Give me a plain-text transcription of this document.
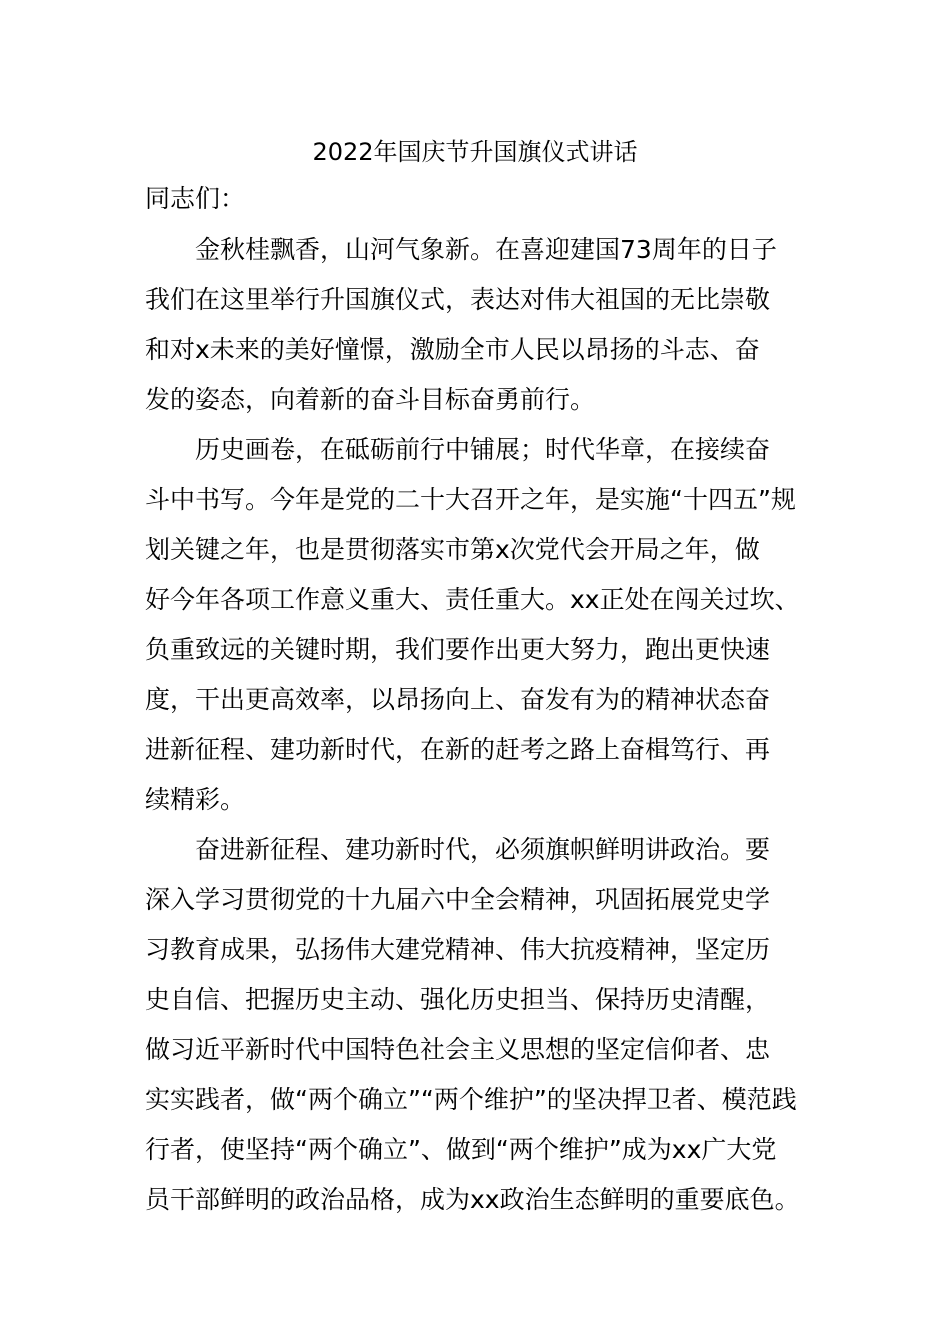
2022年国庆节升国旗仪式讲话
同志们：
金秋桂飘香，山河气象新。在喜迎建国73周年的日子
我们在这里举行升国旗仪式，表达对伟大祖国的无比崇敬
和对x未来的美好憧憬，激励全市人民以昂扬的斗志、奋
发的姿态，向着新的奋斗目标奋勇前行。
历史画卷，在砥砺前行中铺展；时代华章，在接续奋
斗中书写。今年是党的二十大召开之年，是实施“十四五”规
划关键之年，也是贯彻落实市第x次党代会开局之年，做
好今年各项工作意义重大、责任重大。xx正处在闯关过坎、
负重致远的关键时期，我们要作出更大努力，跑出更快速
度，干出更高效率，以昂扬向上、奋发有为的精神状态奋
进新征程、建功新时代，在新的赶考之路上奋楫笃行、再
续精彩。
奋进新征程、建功新时代，必须旗帜鲜明讲政治。要
深入学习贯彻党的十九届六中全会精神，巩固拓展党史学
习教育成果，弘扬伟大建党精神、伟大抗疫精神，坚定历
史自信、把握历史主动、强化历史担当、保持历史清醒，
做习近平新时代中国特色社会主义思想的坚定信仰者、忠
实实践者，做“两个确立”“两个维护”的坚决捍卫者、模范践
行者，使坚持“两个确立”、做到“两个维护”成为xx广大党
员干部鲜明的政治品格，成为xx政治生态鲜明的重要底色。
